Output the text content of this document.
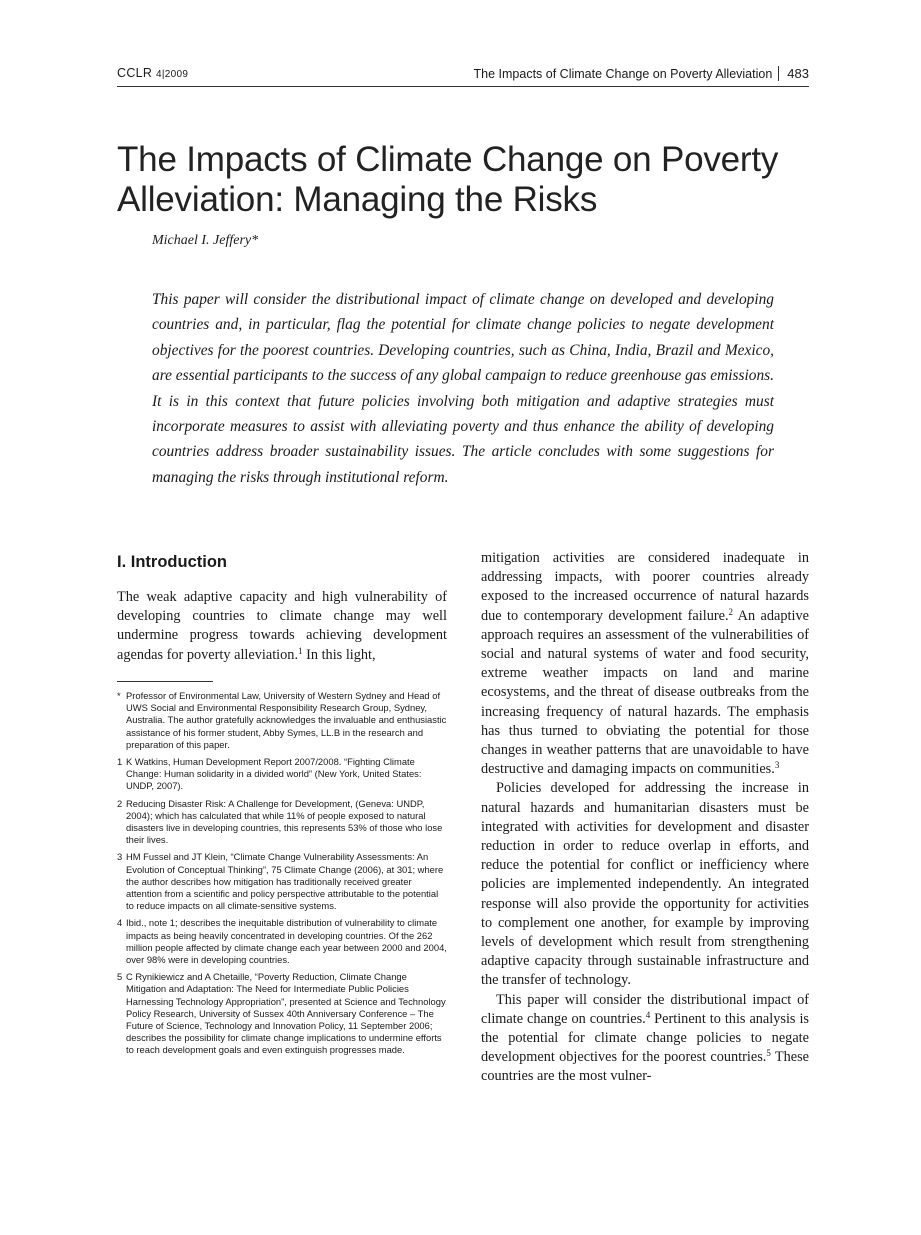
CCLR 4|2009	The Impacts of Climate Change on Poverty Alleviation 483
The Impacts of Climate Change on Poverty Alleviation: Managing the Risks
Michael I. Jeffery*

This paper will consider the distributional impact of climate change on developed and developing countries and, in particular, flag the potential for climate change policies to negate development objectives for the poorest countries. Developing countries, such as China, India, Brazil and Mexico, are essential participants to the success of any global campaign to reduce greenhouse gas emissions. It is in this context that future policies involving both mitigation and adaptive strategies must incorporate measures to assist with alleviating poverty and thus enhance the ability of developing countries address broader sustainability issues. The article concludes with some suggestions for managing the risks through institutional reform.

I. Introduction

The weak adaptive capacity and high vulnerability of developing countries to climate change may well undermine progress towards achieving development agendas for poverty alleviation.$^1$ In this light,

* Professor of Environmental Law, University of Western Sydney and Head of UWS Social and Environmental Responsibility Research Group, Sydney, Australia. The author gratefully acknowledges the invaluable and enthusiastic assistance of his former student, Abby Symes, LL.B in the research and preparation of this paper.
1 K Watkins, Human Development Report 2007/2008. “Fighting Climate Change: Human solidarity in a divided world” (New York, United States: UNDP, 2007).
2 Reducing Disaster Risk: A Challenge for Development, (Geneva: UNDP, 2004); which has calculated that while 11% of people exposed to natural disasters live in developing countries, this represents 53% of those who lose their lives.
3 HM Fussel and JT Klein, “Climate Change Vulnerability Assessments: An Evolution of Conceptual Thinking”, 75 Climate Change (2006), at 301; where the author describes how mitigation has traditionally received greater attention from a scientific and policy perspective attributable to the potential to reduce impacts on all climate-sensitive systems.
4 Ibid., note 1; describes the inequitable distribution of vulnerability to climate impacts as being heavily concentrated in developing countries. Of the 262 million people affected by climate change each year between 2000 and 2004, over 98% were in developing countries.
5 C Rynikiewicz and A Chetaille, “Poverty Reduction, Climate Change Mitigation and Adaptation: The Need for Intermediate Public Policies Harnessing Technology Appropriation”, presented at Science and Technology Policy Research, University of Sussex 40th Anniversary Conference – The Future of Science, Technology and Innovation Policy, 11 September 2006; describes the possibility for climate change implications to undermine efforts to reach development goals and even extinguish progresses made.

mitigation activities are considered inadequate in addressing impacts, with poorer countries already exposed to the increased occurrence of natural hazards due to contemporary development failure.$^2$ An adaptive approach requires an assessment of the vulnerabilities of social and natural systems of water and food security, extreme weather impacts on land and marine ecosystems, and the threat of disease outbreaks from the increasing frequency of natural hazards. The emphasis has thus turned to obviating the potential for those changes in weather patterns that are unavoidable to have destructive and damaging impacts on communities.$^3$

Policies developed for addressing the increase in natural hazards and humanitarian disasters must be integrated with activities for development and disaster reduction in order to reduce overlap in efforts, and reduce the potential for conflict or inefficiency where policies are implemented independently. An integrated response will also provide the opportunity for activities to complement one another, for example by improving levels of development which result from strengthening adaptive capacity through sustainable infrastructure and the transfer of technology.

This paper will consider the distributional impact of climate change on countries.$^4$ Pertinent to this analysis is the potential for climate change policies to negate development objectives for the poorest countries.$^5$ These countries are the most vulner-
